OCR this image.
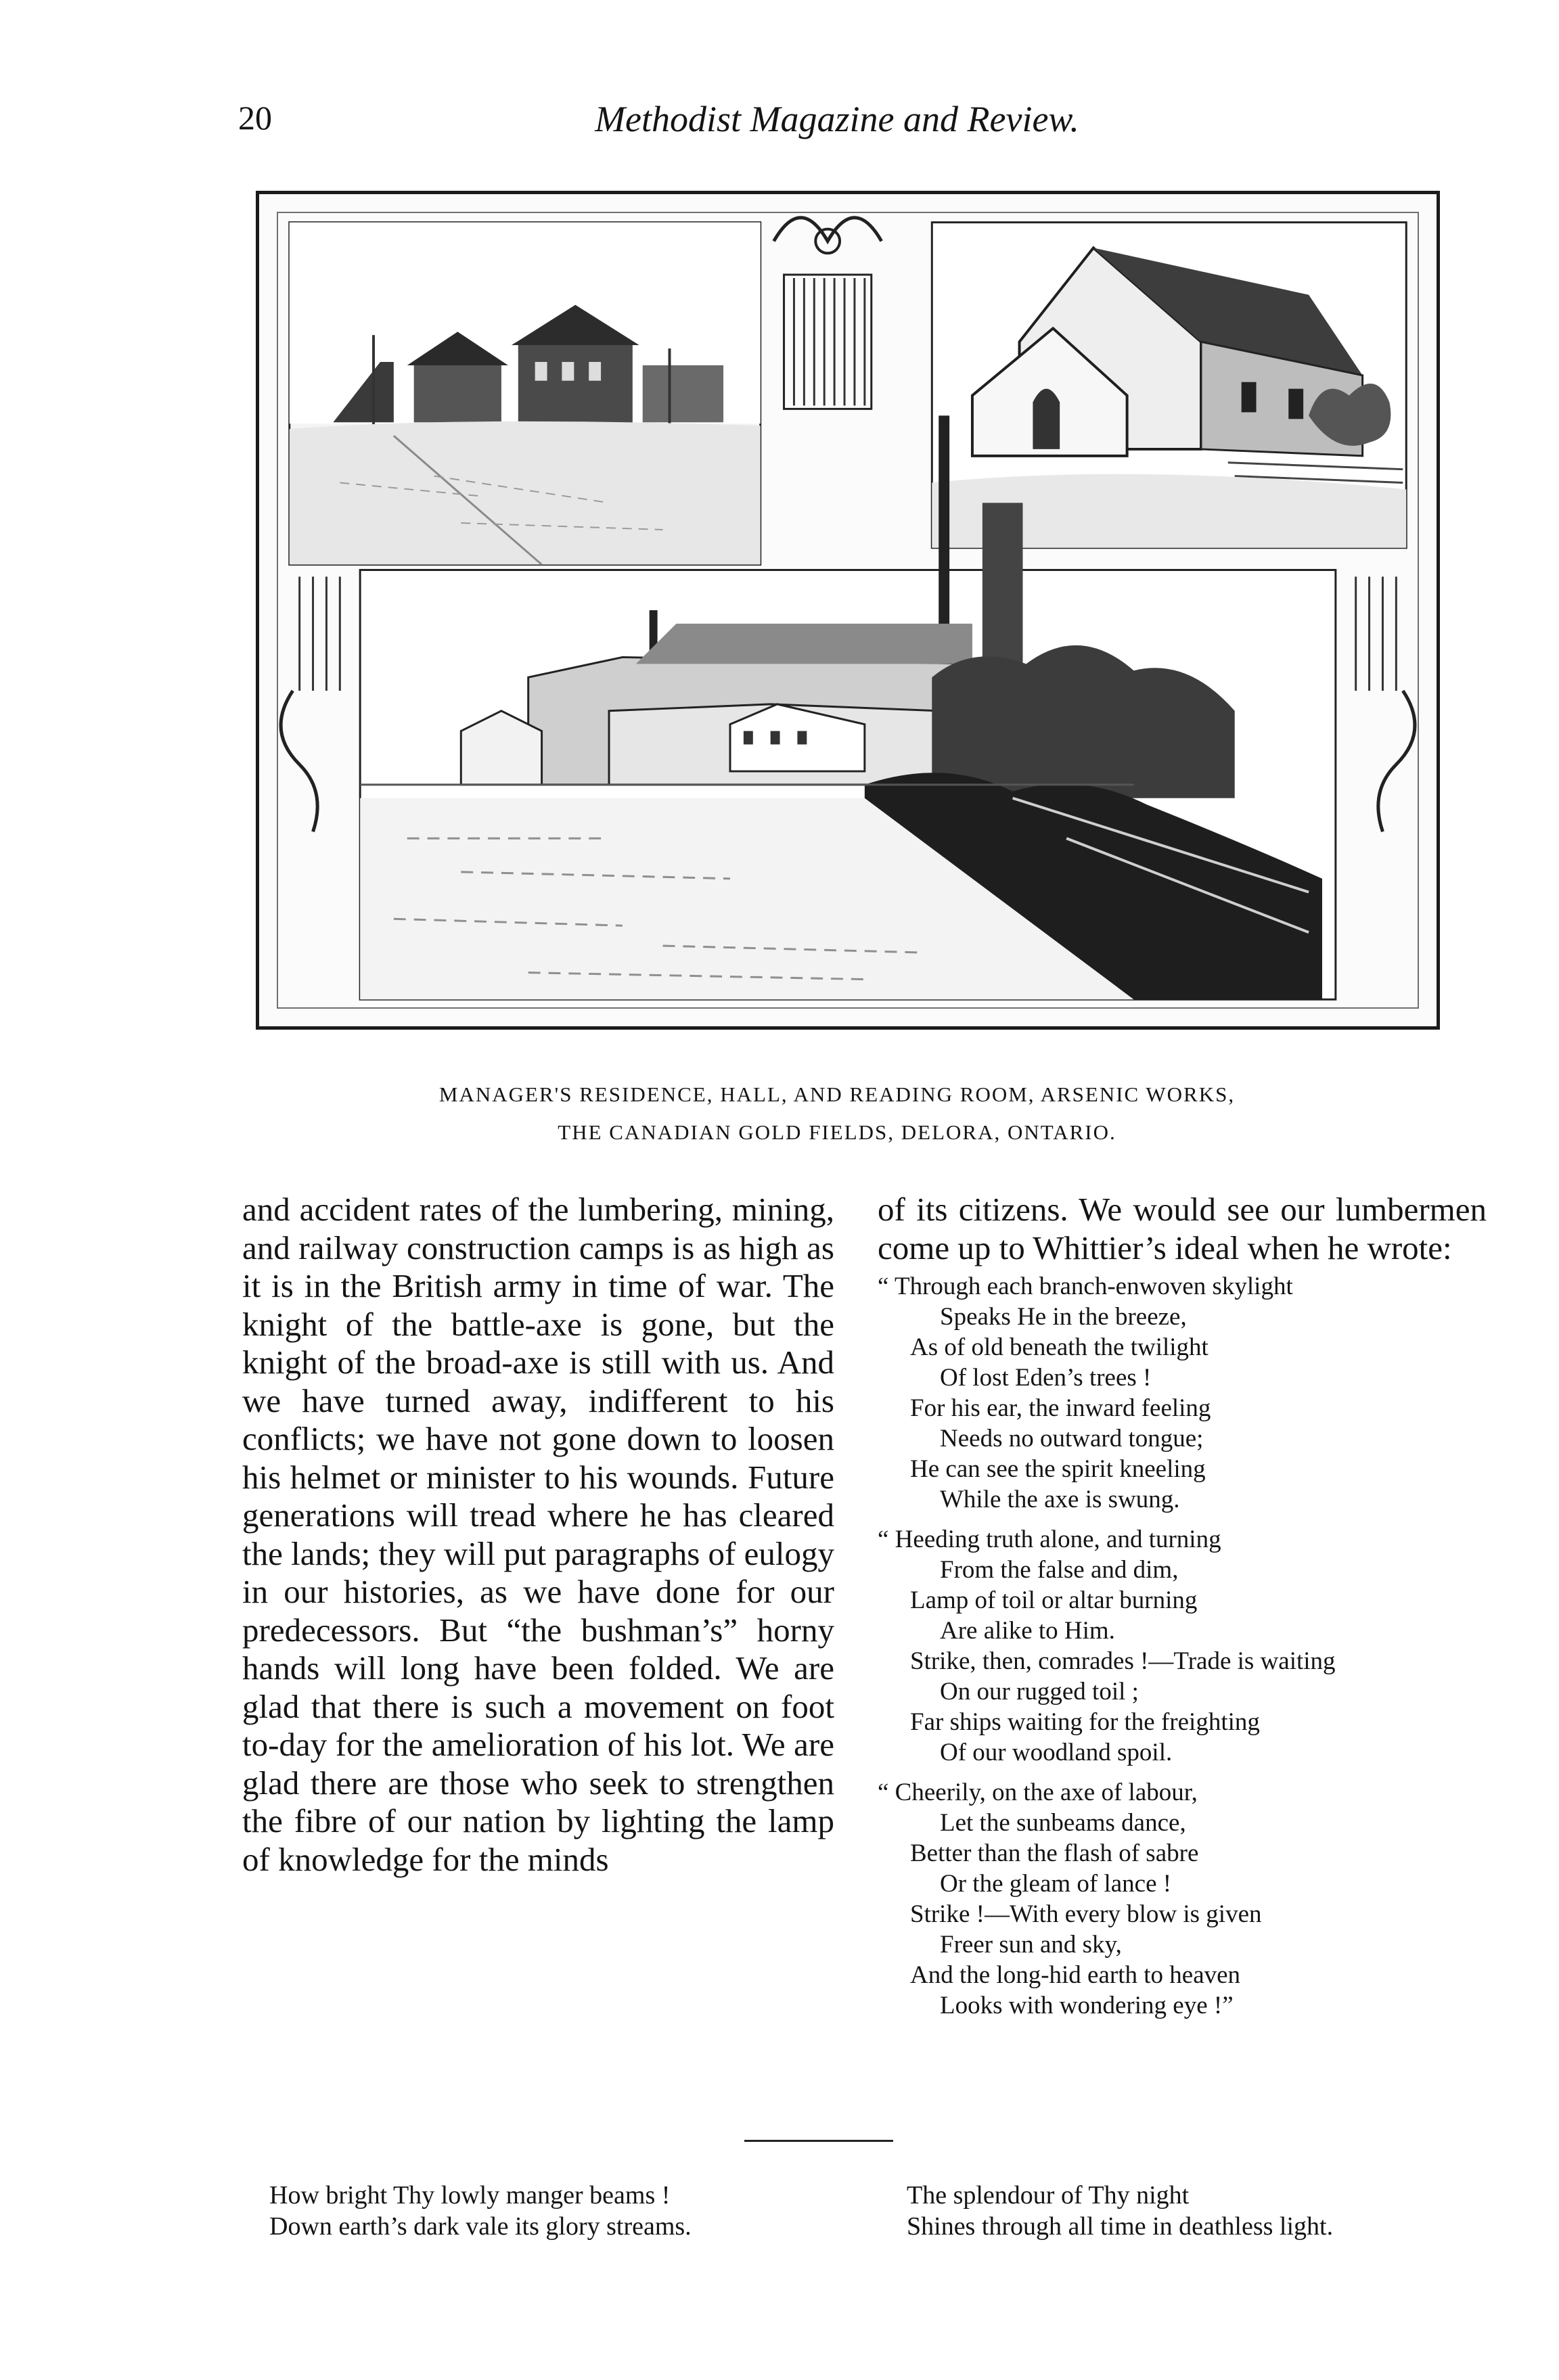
20	Methodist Magazine and Review.
MANAGER'S RESIDENCE, HALL, AND READING ROOM, ARSENIC WORKS,
THE CANADIAN GOLD FIELDS, DELORA, ONTARIO.
and accident rates of the lumbering, mining, and railway construction camps is as high as it is in the British army in time of war. The knight of the battle-axe is gone, but the knight of the broad-axe is still with us. And we have turned away, indifferent to his conflicts; we have not gone down to loosen his helmet or minister to his wounds. Future generations will tread where he has cleared the lands; they will put paragraphs of eulogy in our histories, as we have done for our predecessors. But “the bushman’s” horny hands will long have been folded. We are glad that there is such a movement on foot to-day for the amelioration of his lot. We are glad there are those who seek to strengthen the fibre of our nation by lighting the lamp of knowledge for the minds
of its citizens. We would see our lumbermen come up to Whittier’s ideal when he wrote:
“ Through each branch-enwoven skylight
Speaks He in the breeze,
As of old beneath the twilight
Of lost Eden’s trees !
For his ear, the inward feeling
Needs no outward tongue;
He can see the spirit kneeling
While the axe is swung.
“ Heeding truth alone, and turning
From the false and dim,
Lamp of toil or altar burning
Are alike to Him.
Strike, then, comrades !—Trade is waiting
On our rugged toil ;
Far ships waiting for the freighting
Of our woodland spoil.
“ Cheerily, on the axe of labour,
Let the sunbeams dance,
Better than the flash of sabre
Or the gleam of lance !
Strike !—With every blow is given
Freer sun and sky,
And the long-hid earth to heaven
Looks with wondering eye !”
How bright Thy lowly manger beams !
Down earth’s dark vale its glory streams.
The splendour of Thy night
Shines through all time in deathless light.
